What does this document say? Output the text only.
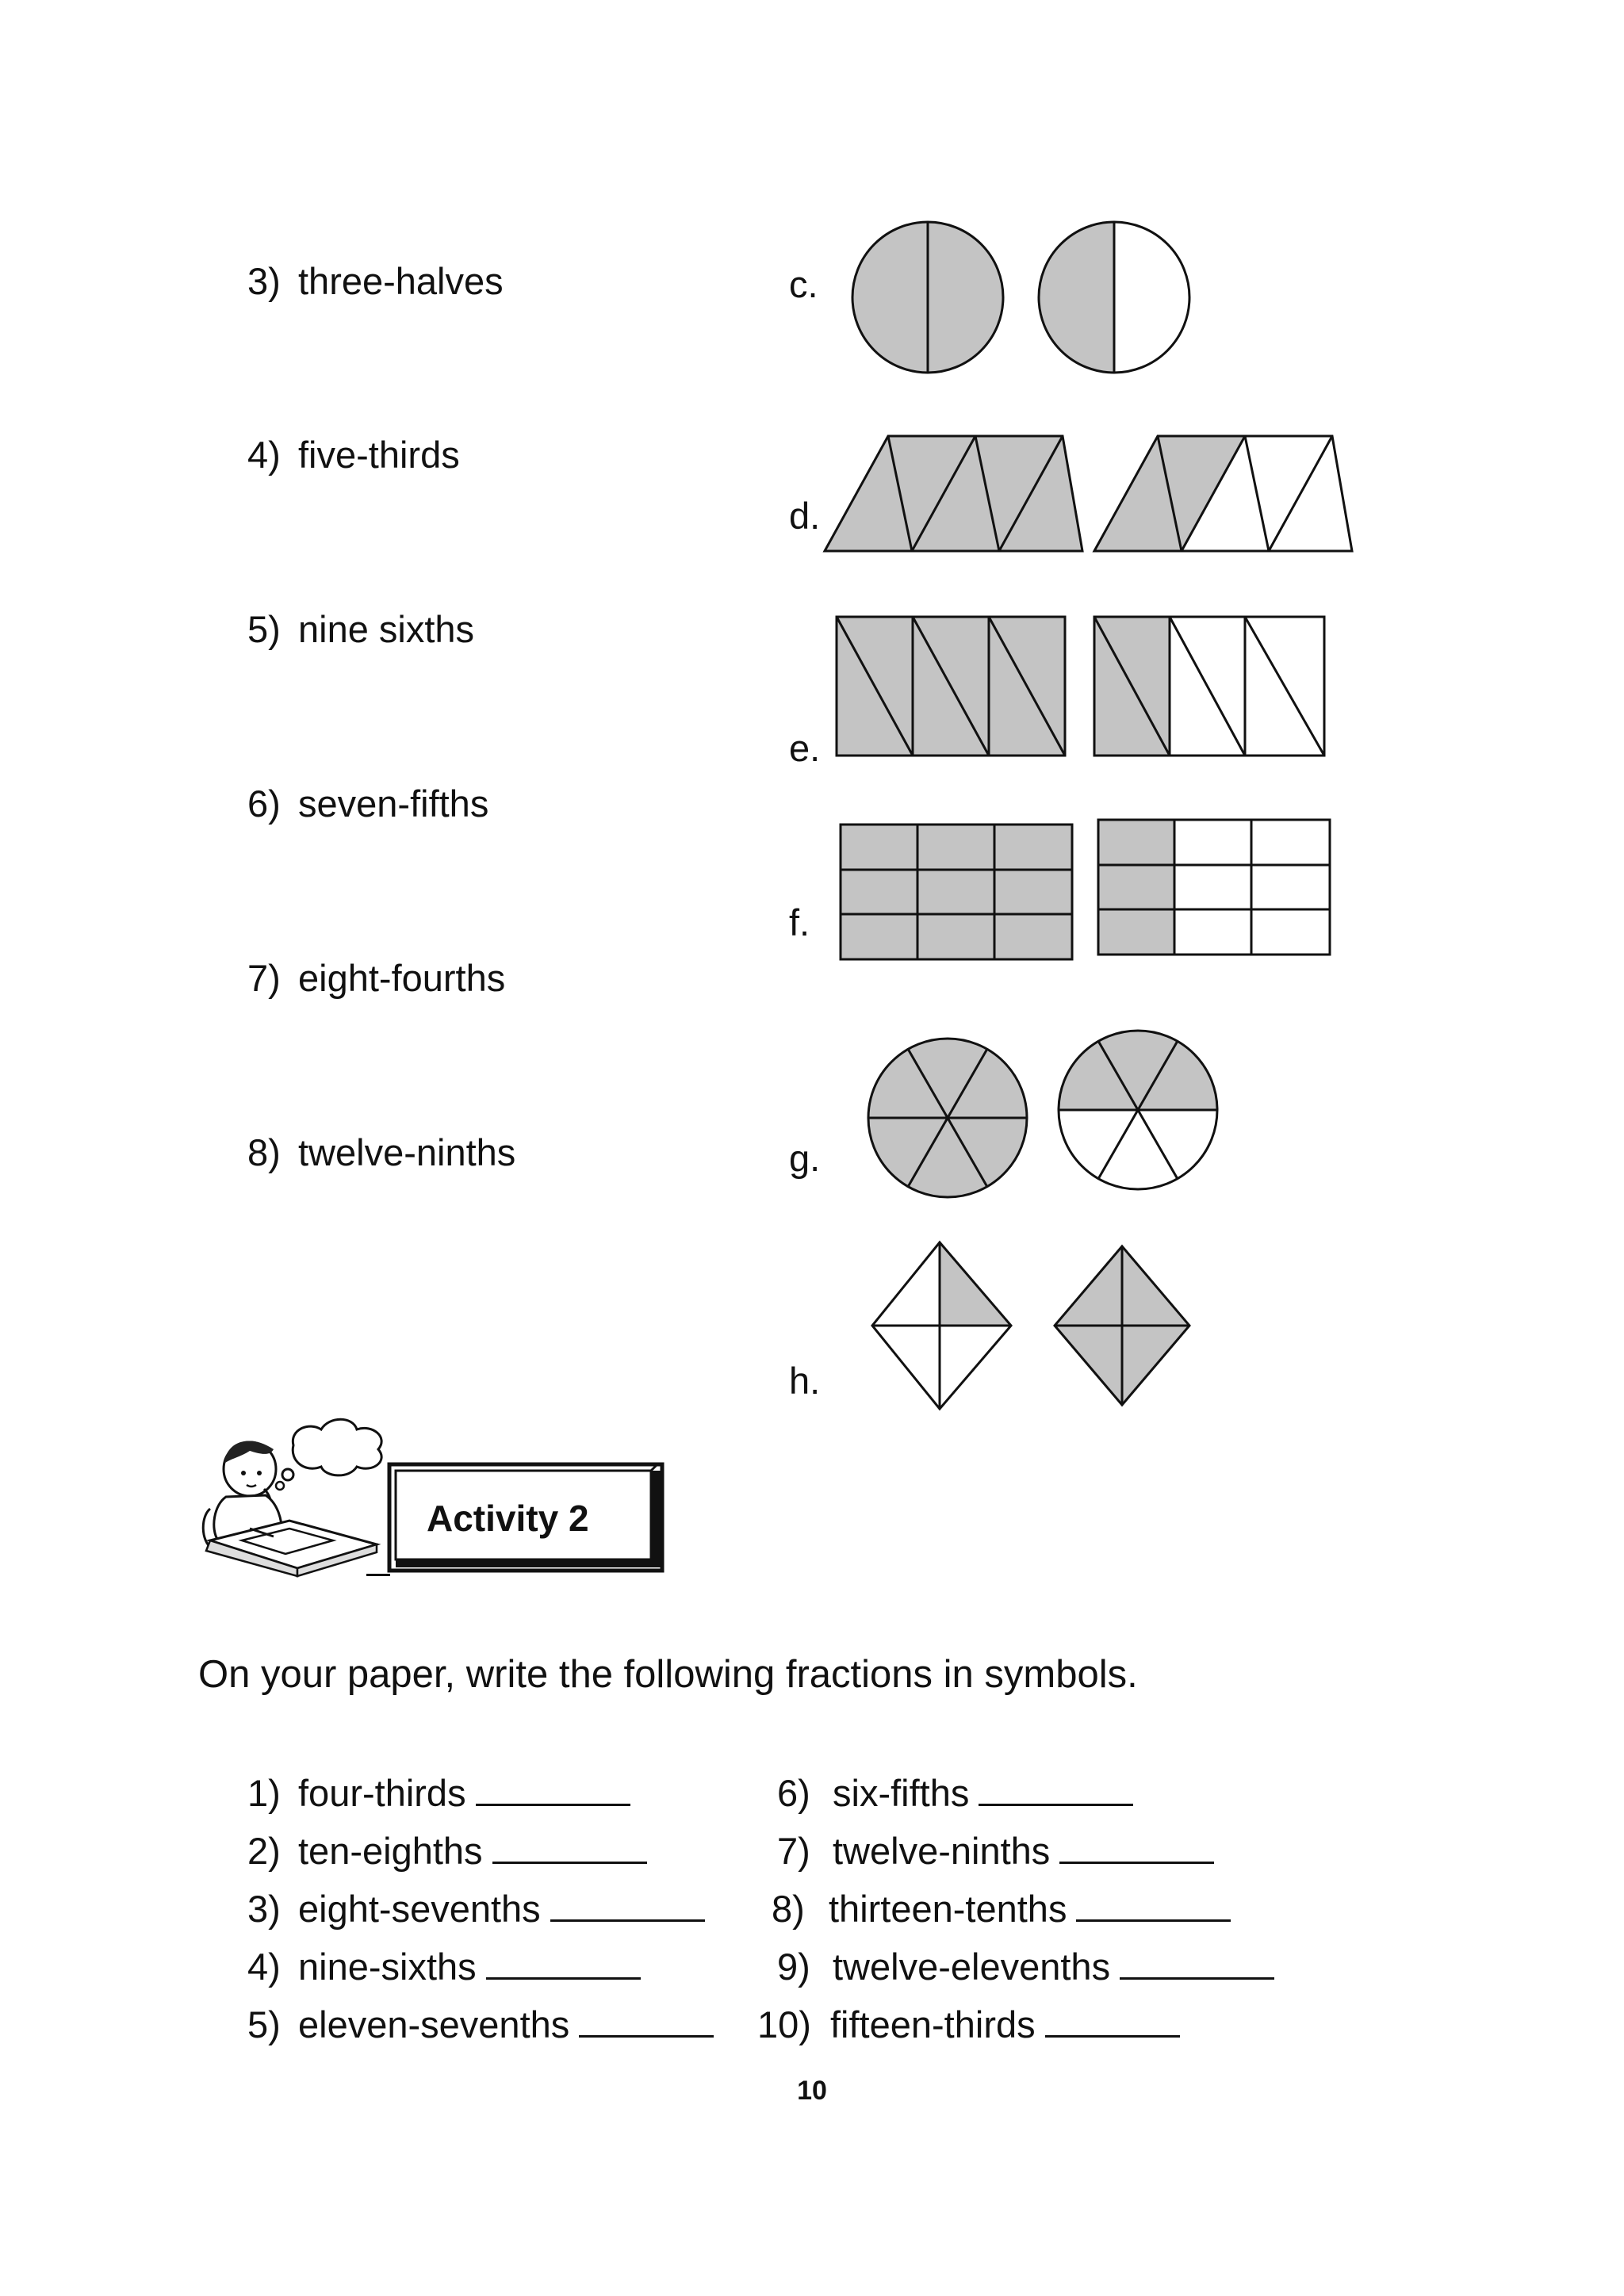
3) three-halves
4) five-thirds
5) nine sixths
6) seven-fifths
7) eight-fourths
8) twelve-ninths
c.
d.
e.
f.
g.
h.
Activity 2
On your paper, write the following fractions in symbols.
1) four-thirds
2) ten-eighths
3) eight-sevenths
4) nine-sixths
5) eleven-sevenths
6) six-fifths
7) twelve-ninths
8) thirteen-tenths
9) twelve-elevenths
10) fifteen-thirds
10
